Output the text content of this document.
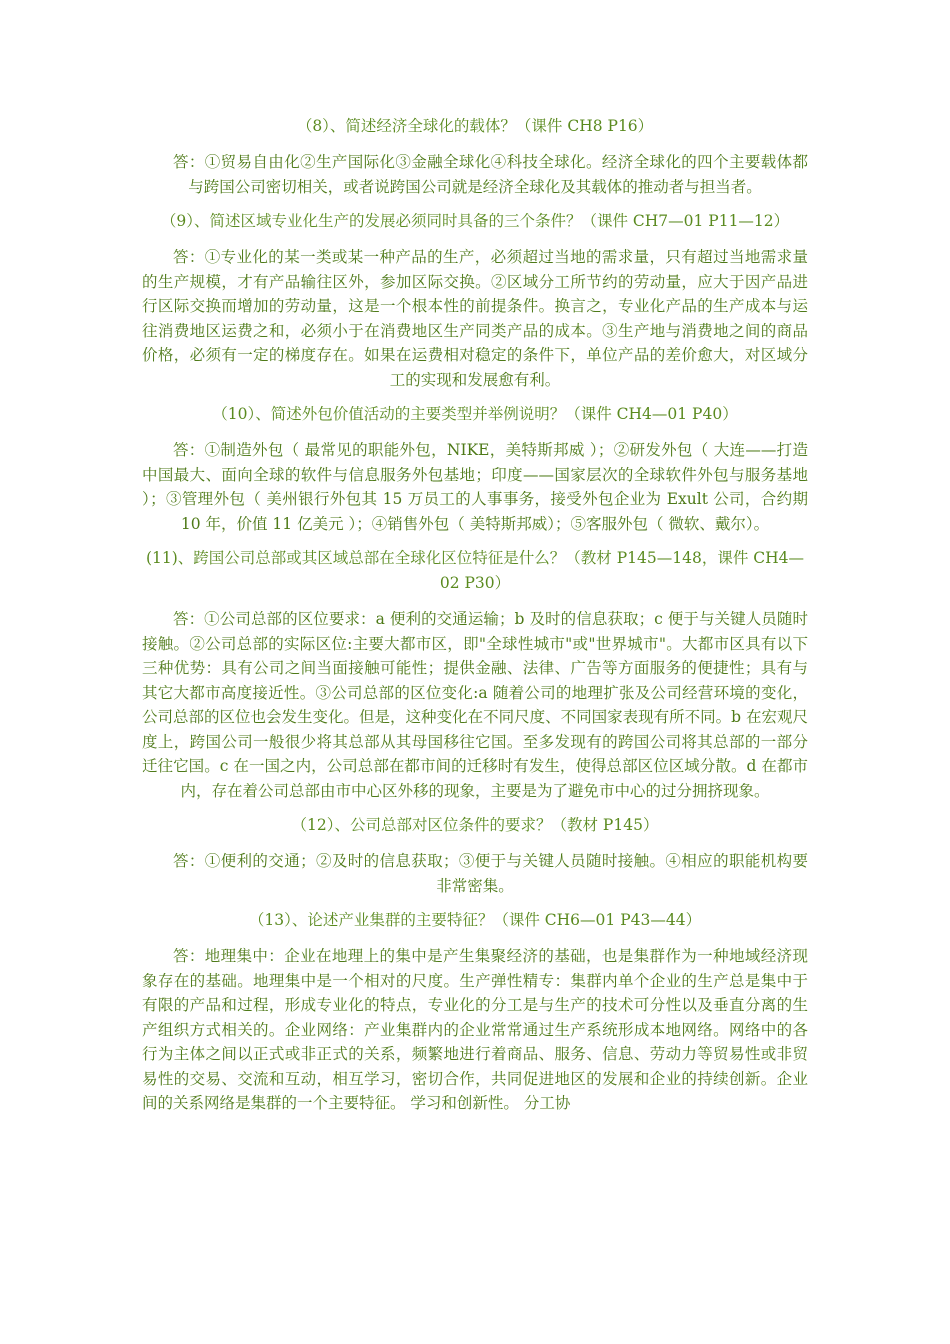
（8）、简述经济全球化的载体？（课件 CH8 P16）

答：①贸易自由化②生产国际化③金融全球化④科技全球化。经济全球化的四个主要载体都与跨国公司密切相关，或者说跨国公司就是经济全球化及其载体的推动者与担当者。

（9）、简述区域专业化生产的发展必须同时具备的三个条件？（课件 CH7—01 P11—12）

答：①专业化的某一类或某一种产品的生产，必须超过当地的需求量，只有超过当地需求量的生产规模，才有产品输往区外，参加区际交换。②区域分工所节约的劳动量，应大于因产品进行区际交换而增加的劳动量，这是一个根本性的前提条件。换言之，专业化产品的生产成本与运往消费地区运费之和，必须小于在消费地区生产同类产品的成本。③生产地与消费地之间的商品价格，必须有一定的梯度存在。如果在运费相对稳定的条件下，单位产品的差价愈大，对区域分工的实现和发展愈有利。

（10）、简述外包价值活动的主要类型并举例说明？（课件 CH4—01 P40）

答：①制造外包（ 最常见的职能外包，NIKE，美特斯邦威 ）；②研发外包（ 大连——打造中国最大、面向全球的软件与信息服务外包基地；印度——国家层次的全球软件外包与服务基地 ）；③管理外包（ 美州银行外包其 15 万员工的人事事务，接受外包企业为 Exult 公司，合约期 10 年，价值 11 亿美元 ）；④销售外包（ 美特斯邦威）；⑤客服外包（ 微软、戴尔）。

(11)、跨国公司总部或其区域总部在全球化区位特征是什么？（教材 P145—148，课件 CH4—02 P30）

答：①公司总部的区位要求：a 便利的交通运输；b 及时的信息获取；c 便于与关键人员随时接触。②公司总部的实际区位:主要大都市区，即"全球性城市"或"世界城市"。大都市区具有以下三种优势：具有公司之间当面接触可能性；提供金融、法律、广告等方面服务的便捷性；具有与其它大都市高度接近性。③公司总部的区位变化:a 随着公司的地理扩张及公司经营环境的变化，公司总部的区位也会发生变化。但是，这种变化在不同尺度、不同国家表现有所不同。b 在宏观尺度上，跨国公司一般很少将其总部从其母国移往它国。至多发现有的跨国公司将其总部的一部分迁往它国。c 在一国之内，公司总部在都市间的迁移时有发生，使得总部区位区域分散。d 在都市内，存在着公司总部由市中心区外移的现象，主要是为了避免市中心的过分拥挤现象。

（12）、公司总部对区位条件的要求？（教材 P145）

答：①便利的交通；②及时的信息获取；③便于与关键人员随时接触。④相应的职能机构要非常密集。

（13）、论述产业集群的主要特征？（课件 CH6—01 P43—44）

答：地理集中：企业在地理上的集中是产生集聚经济的基础，也是集群作为一种地域经济现象存在的基础。地理集中是一个相对的尺度。生产弹性精专：集群内单个企业的生产总是集中于有限的产品和过程，形成专业化的特点，专业化的分工是与生产的技术可分性以及垂直分离的生产组织方式相关的。企业网络：产业集群内的企业常常通过生产系统形成本地网络。网络中的各行为主体之间以正式或非正式的关系，频繁地进行着商品、服务、信息、劳动力等贸易性或非贸易性的交易、交流和互动，相互学习，密切合作，共同促进地区的发展和企业的持续创新。企业间的关系网络是集群的一个主要特征。 学习和创新性。 分工协
